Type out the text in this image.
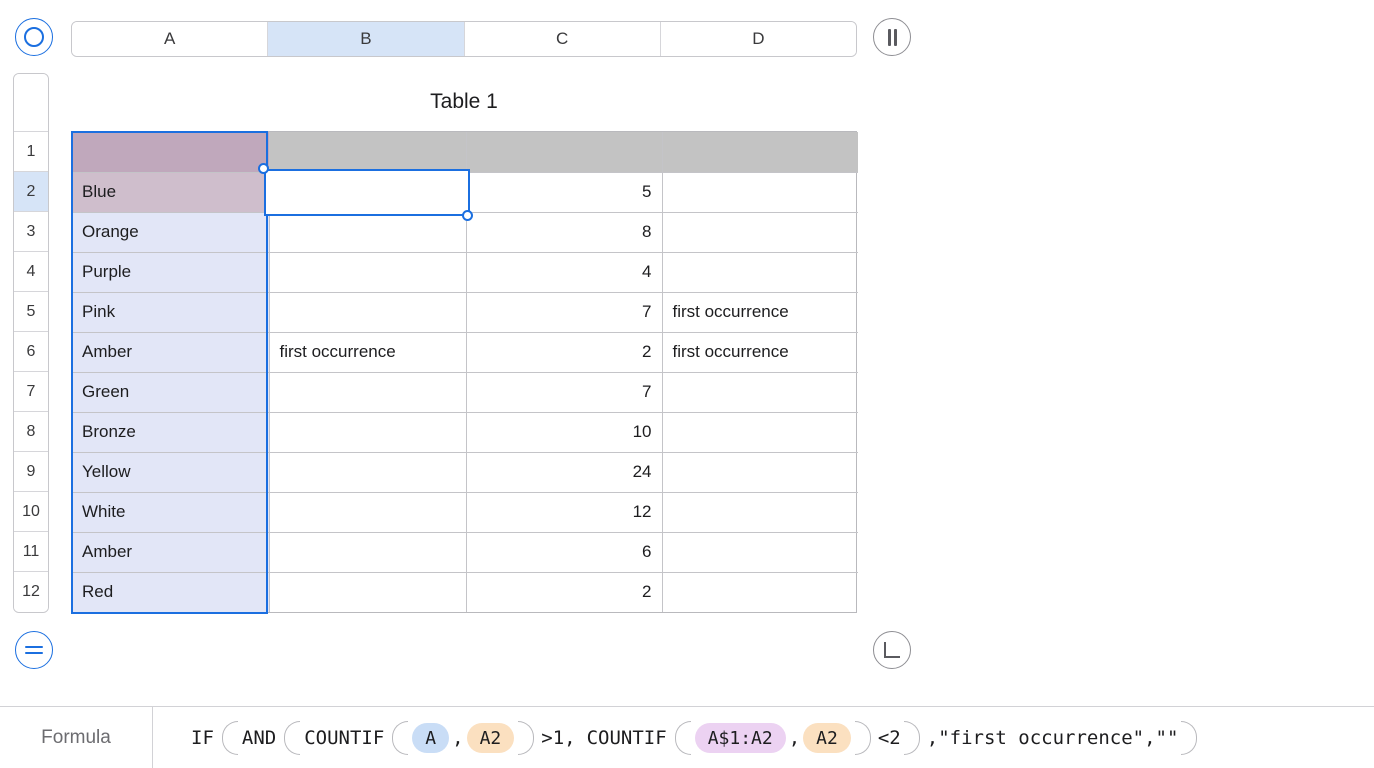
A	B	C	D
1
2
3
4
5
6
7
8
9
10
11
12
Table 1

Blue		5	
Orange		8	
Purple		4	
Pink		7	first occurrence
Amber	first occurrence	2	first occurrence
Green		7	
Bronze		10	
Yellow		24	
White		12	
Amber		6	
Red		2	
Formula	IF AND COUNTIF	A , A2	>1, COUNTIF	A$1:A2 , A2	<2 ,"first occurrence",""
